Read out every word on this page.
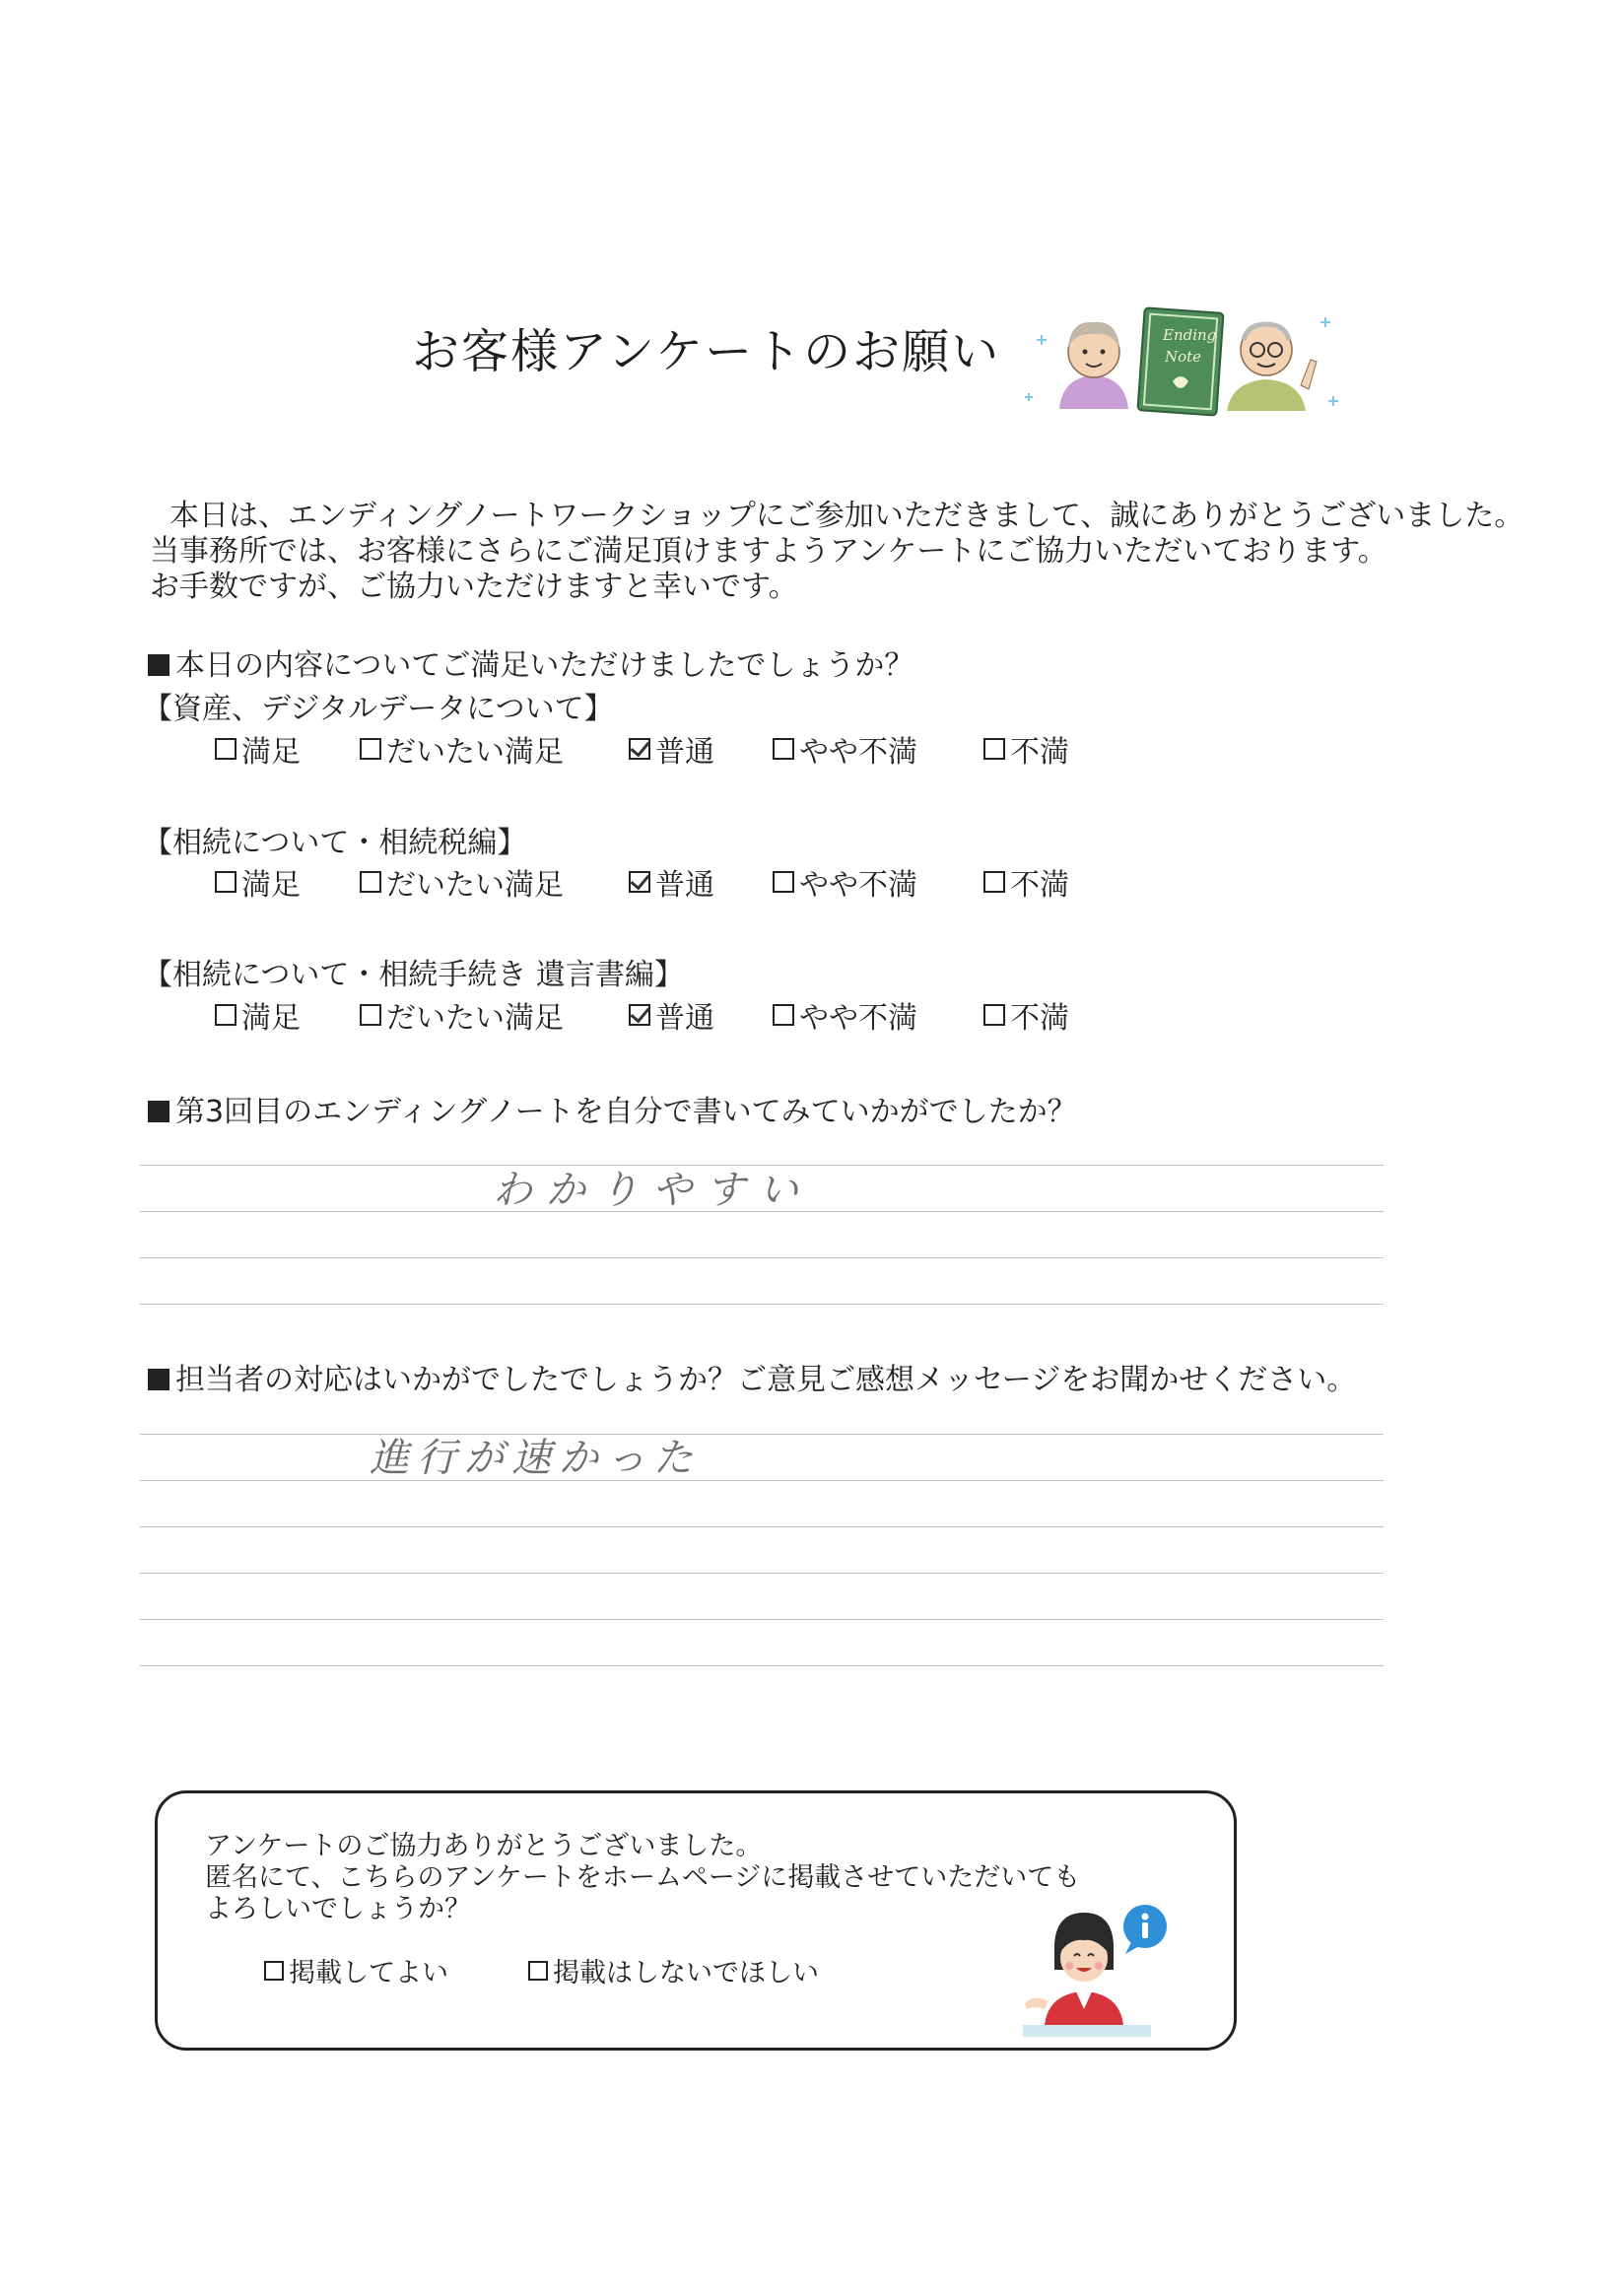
お客様アンケートのお願い	Ending
Note
本日は、エンディングノートワークショップにご参加いただきまして、誠にありがとうございました。
当事務所では、お客様にさらにご満足頂けますようアンケートにご協力いただいております。
お手数ですが、ご協力いただけますと幸いです。
本日の内容についてご満足いただけましたでしょうか？
【資産、デジタルデータについて】
満足	だいたい満足	普通	やや不満	不満
【相続について・相続税編】
満足	だいたい満足	普通	やや不満	不満
【相続について・相続手続き 遺言書編】
満足	だいたい満足	普通	やや不満	不満
第3回目のエンディングノートを自分で書いてみていかがでしたか？
わかりやすい
担当者の対応はいかがでしたでしょうか？ご意見ご感想メッセージをお聞かせください。
進行が速かった
アンケートのご協力ありがとうございました。
匿名にて、こちらのアンケートをホームページに掲載させていただいても
よろしいでしょうか？
掲載してよい	掲載はしないでほしい
